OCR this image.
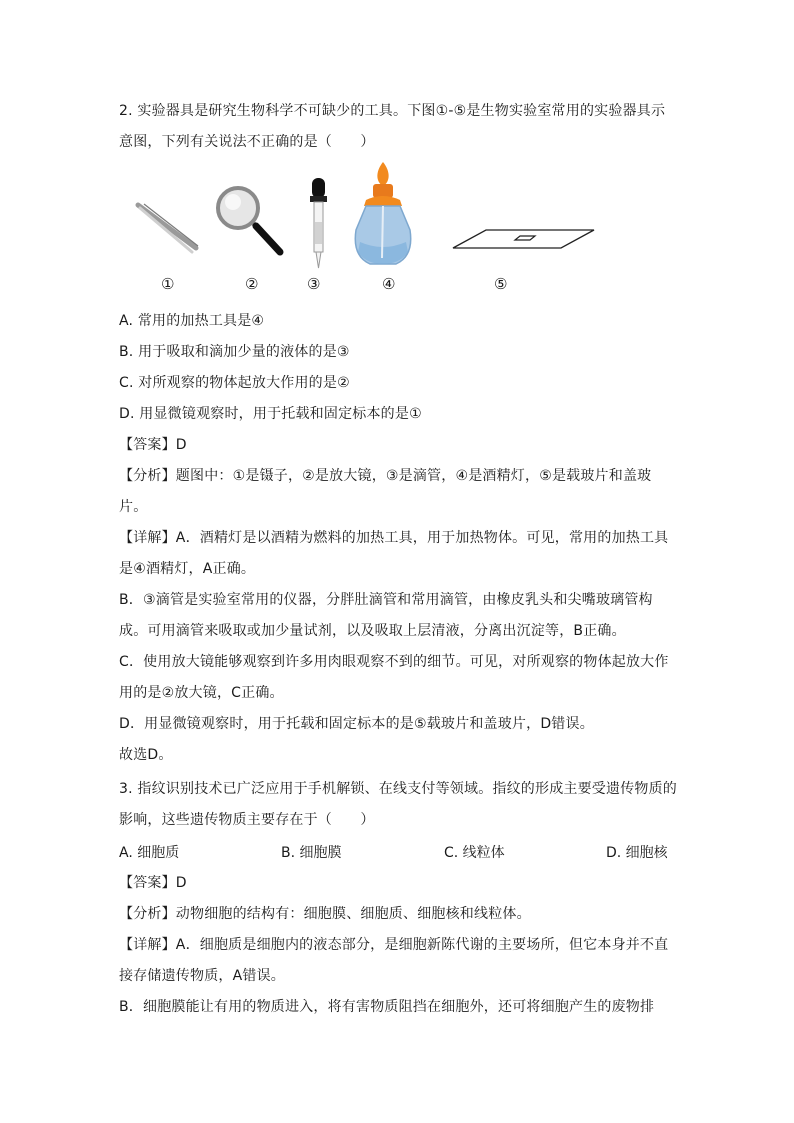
2. 实验器具是研究生物科学不可缺少的工具。下图①-⑤是生物实验室常用的实验器具示
意图，下列有关说法不正确的是（　　）
①	②	③	④	⑤
A. 常用的加热工具是④
B. 用于吸取和滴加少量的液体的是③
C. 对所观察的物体起放大作用的是②
D. 用显微镜观察时，用于托载和固定标本的是①
【答案】D
【分析】题图中：①是镊子，②是放大镜，③是滴管，④是酒精灯，⑤是载玻片和盖玻
片。
【详解】A．酒精灯是以酒精为燃料的加热工具，用于加热物体。可见，常用的加热工具
是④酒精灯，A正确。
B．③滴管是实验室常用的仪器，分胖肚滴管和常用滴管，由橡皮乳头和尖嘴玻璃管构
成。可用滴管来吸取或加少量试剂，以及吸取上层清液，分离出沉淀等，B正确。
C．使用放大镜能够观察到许多用肉眼观察不到的细节。可见，对所观察的物体起放大作
用的是②放大镜，C正确。
D．用显微镜观察时，用于托载和固定标本的是⑤载玻片和盖玻片，D错误。
故选D。
3. 指纹识别技术已广泛应用于手机解锁、在线支付等领域。指纹的形成主要受遗传物质的
影响，这些遗传物质主要存在于（　　）
A. 细胞质	B. 细胞膜	C. 线粒体	D. 细胞核
【答案】D
【分析】动物细胞的结构有：细胞膜、细胞质、细胞核和线粒体。
【详解】A．细胞质是细胞内的液态部分，是细胞新陈代谢的主要场所，但它本身并不直
接存储遗传物质，A错误。
B．细胞膜能让有用的物质进入，将有害物质阻挡在细胞外，还可将细胞产生的废物排
